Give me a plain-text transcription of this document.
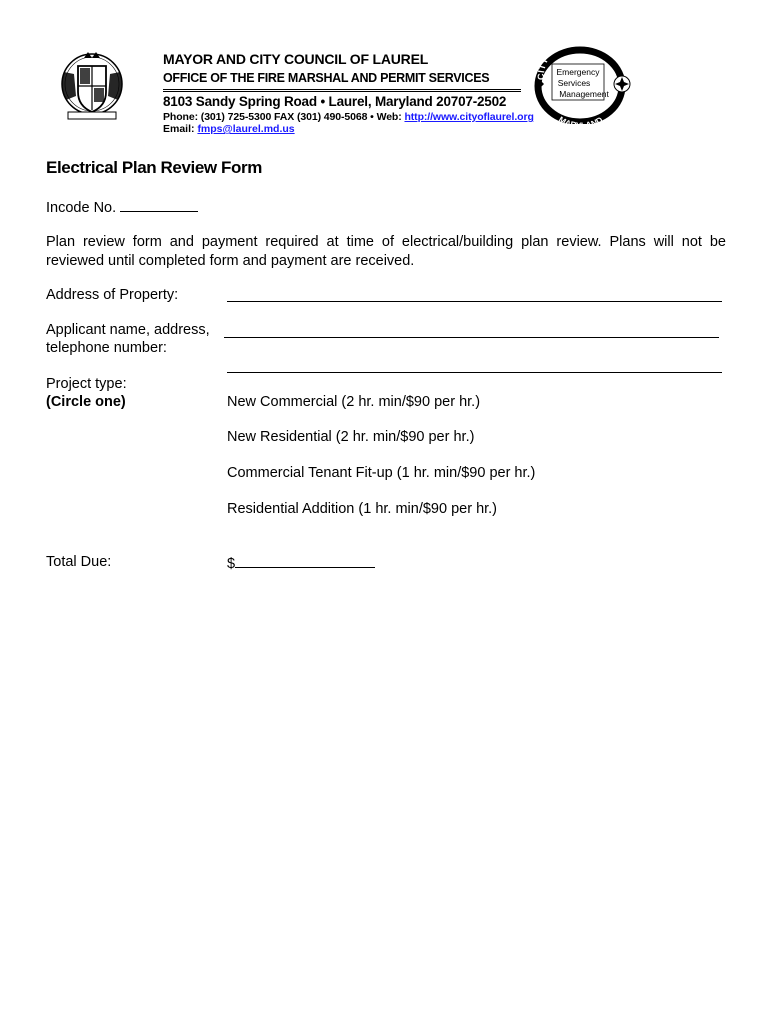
MAYOR AND CITY COUNCIL OF LAUREL
OFFICE OF THE FIRE MARSHAL AND PERMIT SERVICES
8103 Sandy Spring Road • Laurel, Maryland 20707-2502
Phone: (301) 725-5300 FAX (301) 490-5068 • Web: http://www.cityoflaurel.org
Email: fmps@laurel.md.us
CITY OF
MA ND
Emergency
Services
Management
Electrical Plan Review Form
Incode No.
Plan review form and payment required at time of electrical/building plan review. Plans will not be reviewed until completed form and payment are received.
Address of Property:
Applicant name, address,
telephone number:
Project type:
(Circle one)	New Commercial (2 hr. min/$90 per hr.)
New Residential (2 hr. min/$90 per hr.)
Commercial Tenant Fit-up (1 hr. min/$90 per hr.)
Residential Addition (1 hr. min/$90 per hr.)
Total Due:	$
